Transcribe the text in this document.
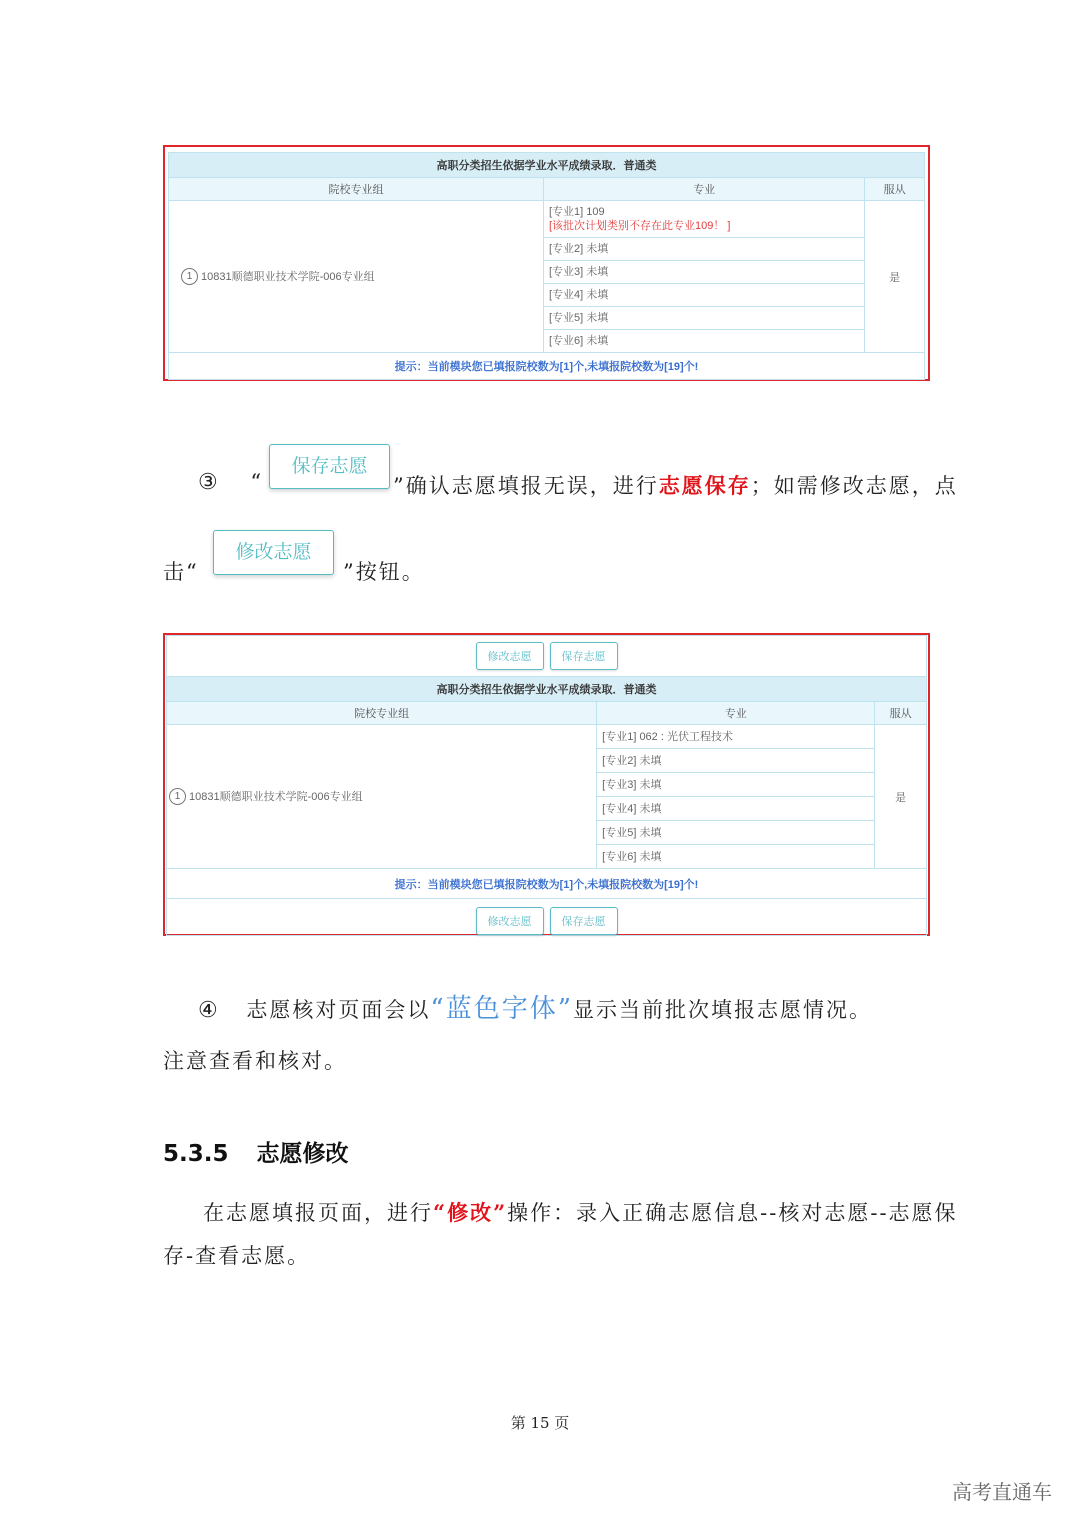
高职分类招生依据学业水平成绩录取．普通类		
院校专业组	专业	服从
1 10831顺德职业技术学院-006专业组	[专业1] 109
[该批次计划类别不存在此专业109！ ]	是
	[专业2] 未填	
	[专业3] 未填	
	[专业4] 未填	
	[专业5] 未填	
	[专业6] 未填	
提示：当前模块您已填报院校数为[1]个,未填报院校数为[19]个!		
③ “
保存志愿
”确认志愿填报无误，进行志愿保存；如需修改志愿，点
击“
修改志愿
”按钮。
修改志愿 保存志愿		
高职分类招生依据学业水平成绩录取．普通类		
院校专业组	专业	服从
1 10831顺德职业技术学院-006专业组	[专业1] 062 : 光伏工程技术	是
	[专业2] 未填	
	[专业3] 未填	
	[专业4] 未填	
	[专业5] 未填	
	[专业6] 未填	
提示：当前模块您已填报院校数为[1]个,未填报院校数为[19]个!		
修改志愿 保存志愿		
④ 志愿核对页面会以“蓝色字体”显示当前批次填报志愿情况。
注意查看和核对。
5.3.5 志愿修改
在志愿填报页面，进行“修改”操作：录入正确志愿信息--核对志愿--志愿保
存-查看志愿。
第 15 页
高考直通车
